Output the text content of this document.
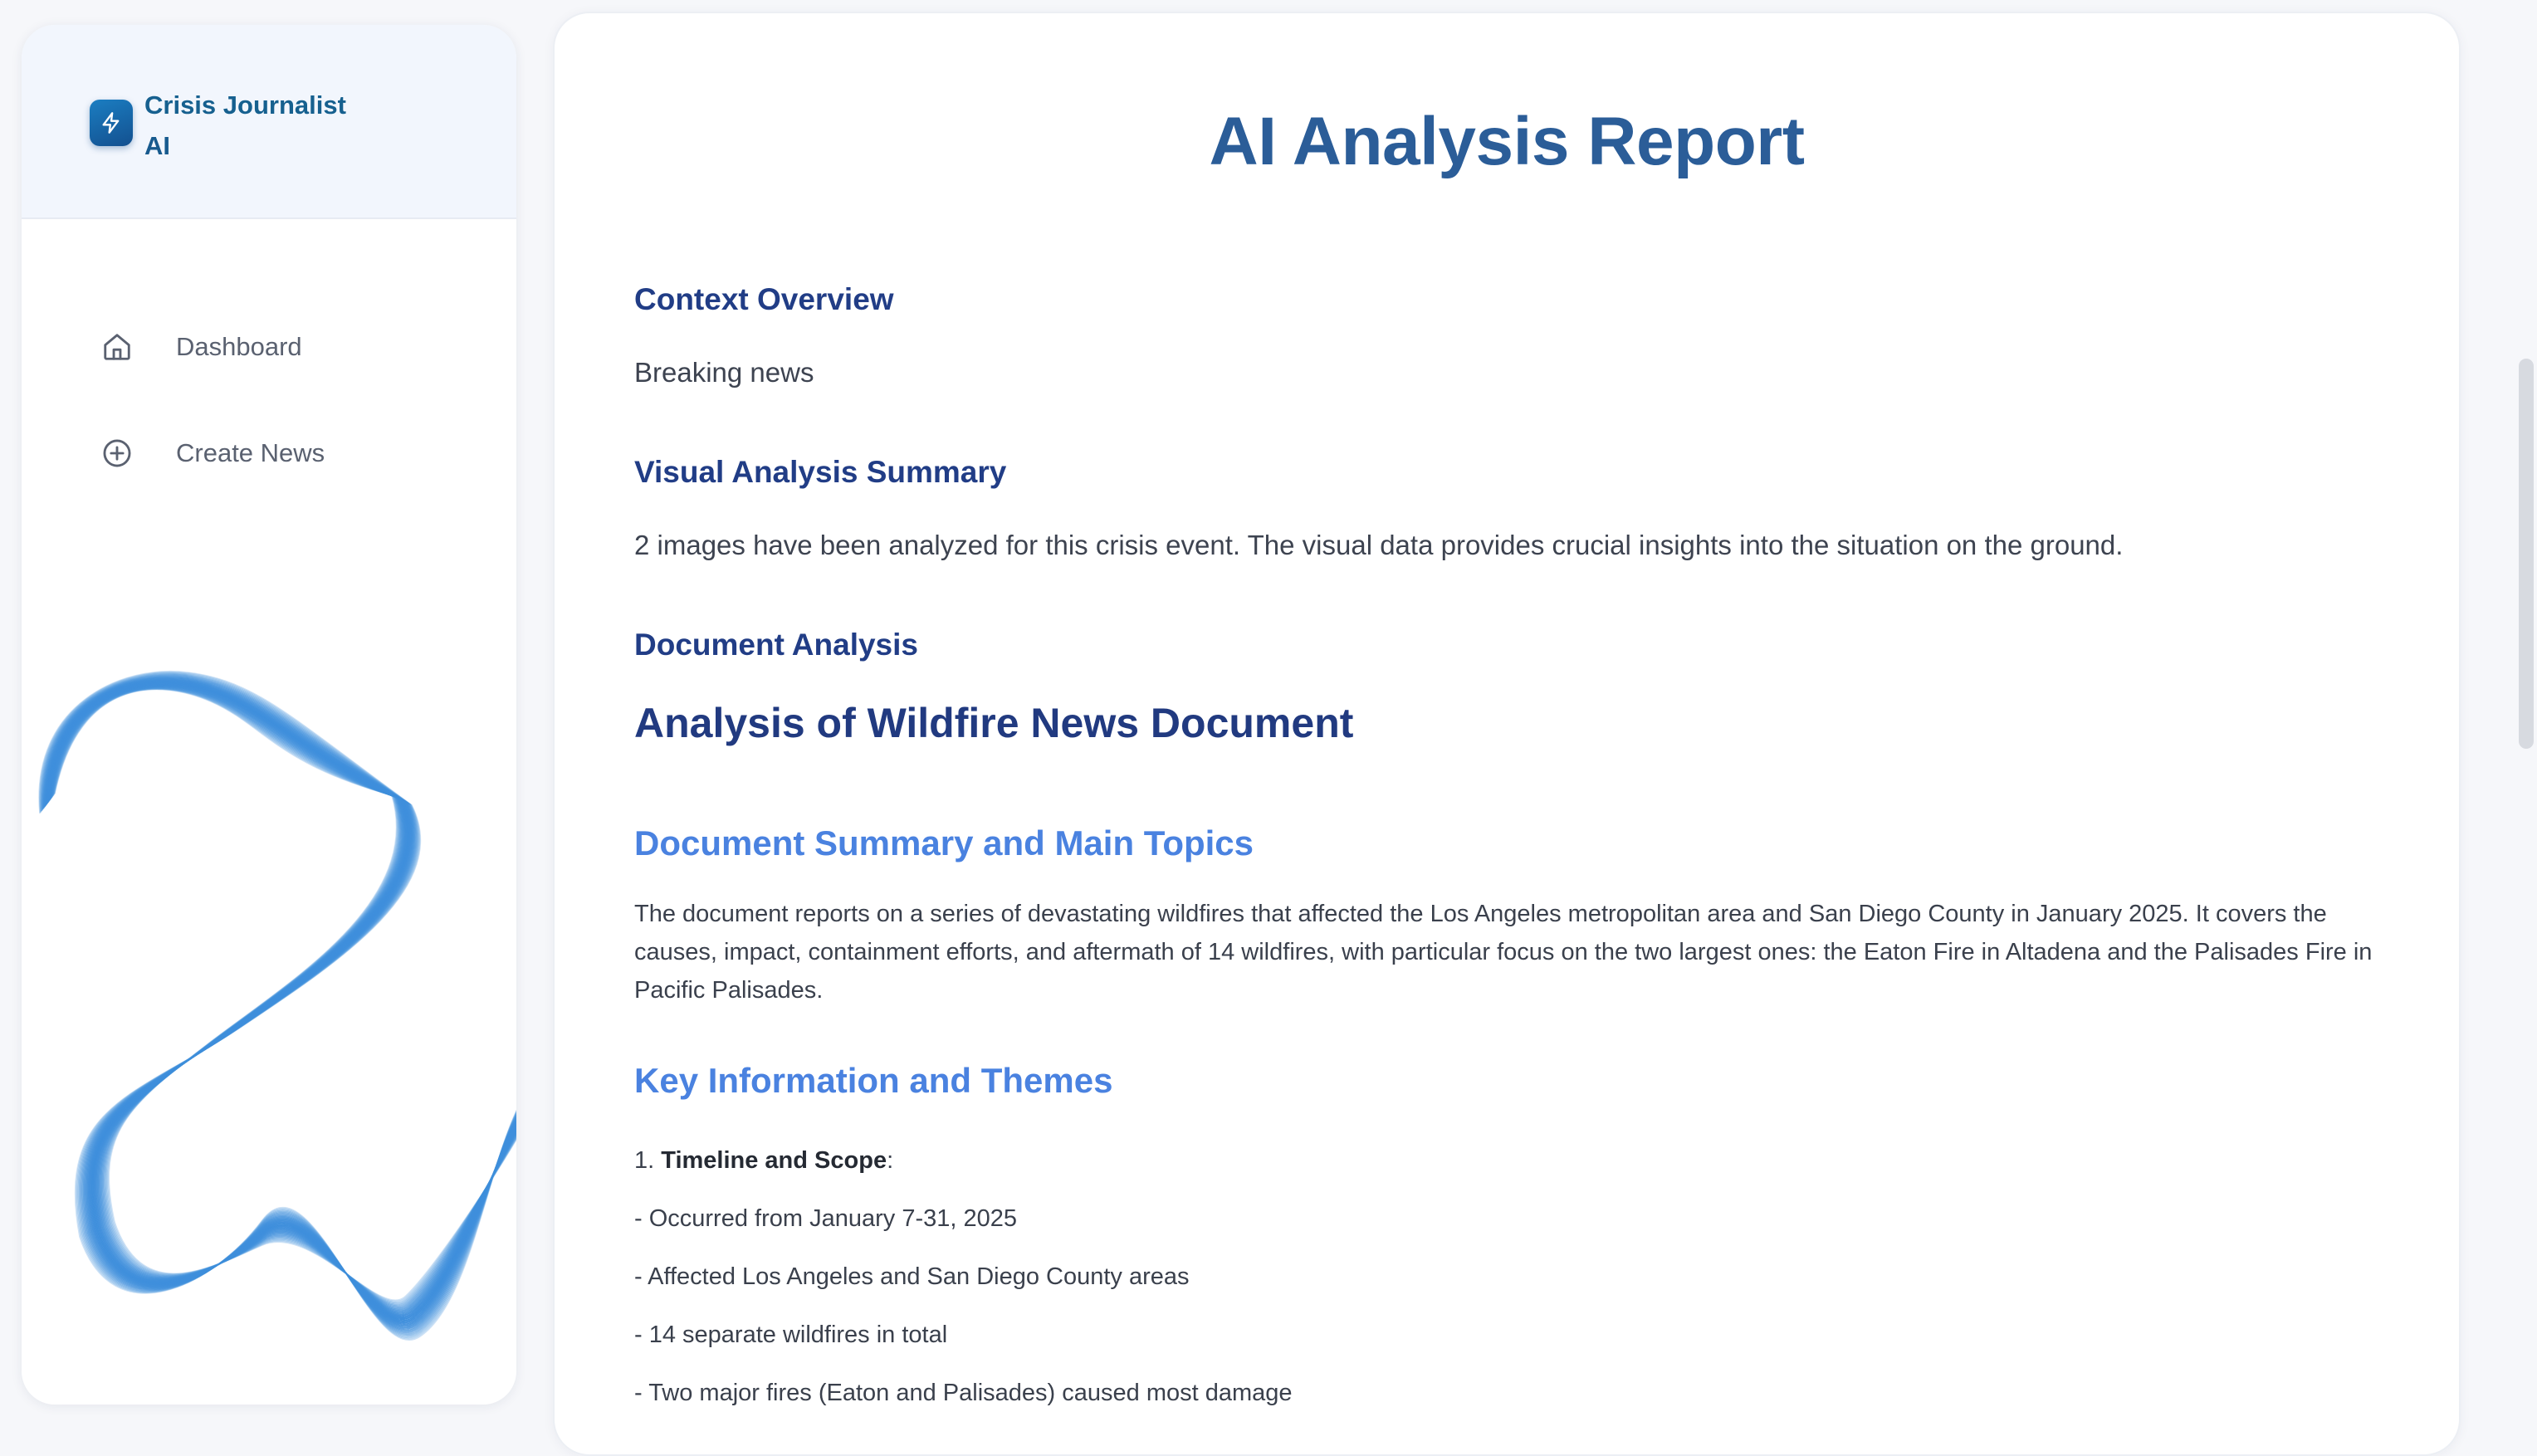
Crisis Journalist
AI
Dashboard
Create News
AI Analysis Report
Context Overview
Breaking news
Visual Analysis Summary
2 images have been analyzed for this crisis event. The visual data provides crucial insights into the situation on the ground.
Document Analysis
Analysis of Wildfire News Document
Document Summary and Main Topics
The document reports on a series of devastating wildfires that affected the Los Angeles metropolitan area and San Diego County in January 2025. It covers the causes, impact, containment efforts, and aftermath of 14 wildfires, with particular focus on the two largest ones: the Eaton Fire in Altadena and the Palisades Fire in Pacific Palisades.
Key Information and Themes
1. Timeline and Scope:
- Occurred from January 7-31, 2025
- Affected Los Angeles and San Diego County areas
- 14 separate wildfires in total
- Two major fires (Eaton and Palisades) caused most damage
